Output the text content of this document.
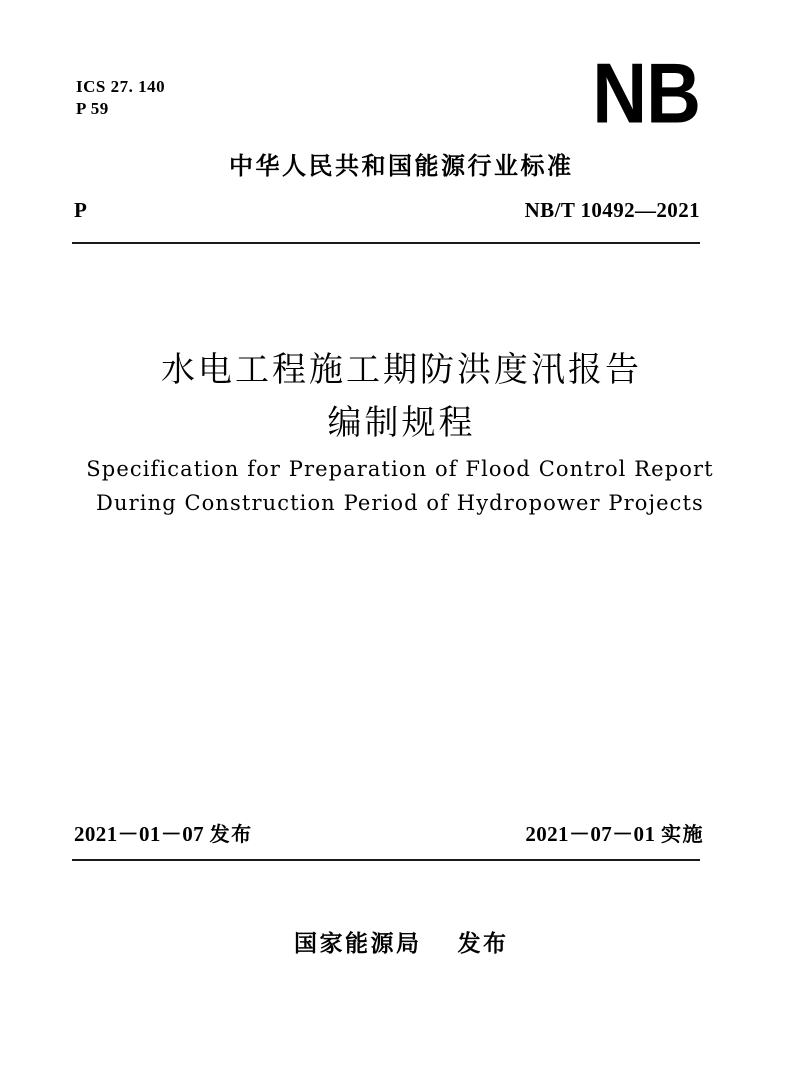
ICS 27. 140
P 59	NB
中华人民共和国能源行业标准
P	NB/T 10492—2021
水电工程施工期防洪度汛报告
编制规程
Specification for Preparation of Flood Control Report
During Construction Period of Hydropower Projects
2021－01－07 发布	2021－07－01 实施
国家能源局　 发布
